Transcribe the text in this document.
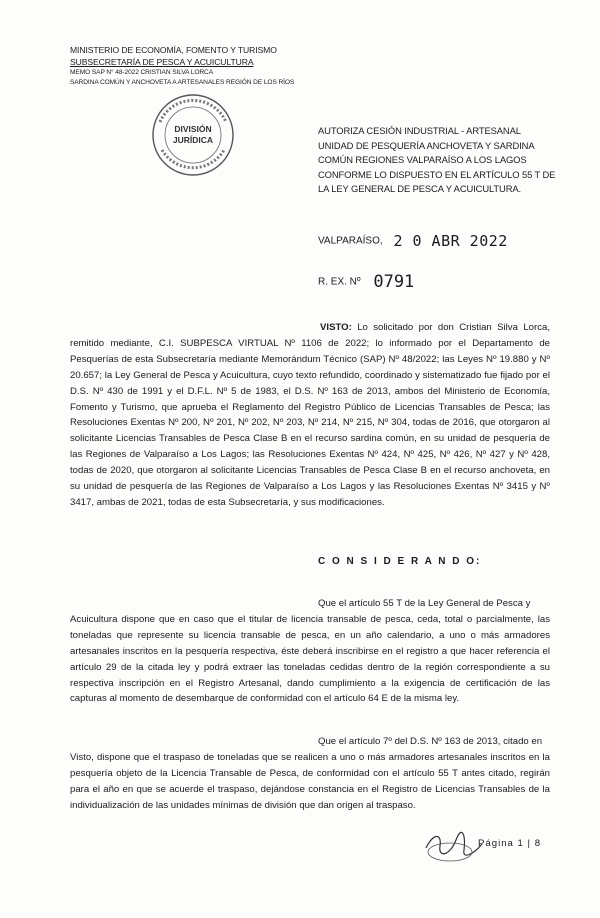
MINISTERIO DE ECONOMÍA, FOMENTO Y TURISMO
SUBSECRETARÍA DE PESCA Y ACUICULTURA
MEMO SAP N° 48-2022 CRISTIAN SILVA LORCA
SARDINA COMÚN Y ANCHOVETA A ARTESANALES REGIÓN DE LOS RÍOS
DIVISIÓN
JURÍDICA
AUTORIZA CESIÓN INDUSTRIAL - ARTESANAL UNIDAD DE PESQUERÍA ANCHOVETA Y SARDINA COMÚN REGIONES VALPARAÍSO A LOS LAGOS CONFORME LO DISPUESTO EN EL ARTÍCULO 55 T DE LA LEY GENERAL DE PESCA Y ACUICULTURA.
VALPARAÍSO, 2 0 ABR 2022
R. EX. Nº 0791
VISTO: Lo solicitado por don Cristian Silva Lorca, remitido mediante, C.I. SUBPESCA VIRTUAL Nº 1106 de 2022; lo informado por el Departamento de Pesquerías de esta Subsecretaría mediante Memorándum Técnico (SAP) Nº 48/2022; las Leyes Nº 19.880 y Nº 20.657; la Ley General de Pesca y Acuicultura, cuyo texto refundido, coordinado y sistematizado fue fijado por el D.S. Nº 430 de 1991 y el D.F.L. Nº 5 de 1983, el D.S. Nº 163 de 2013, ambos del Ministerio de Economía, Fomento y Turismo, que aprueba el Reglamento del Registro Público de Licencias Transables de Pesca; las Resoluciones Exentas Nº 200, Nº 201, Nº 202, Nº 203, Nº 214, Nº 215, Nº 304, todas de 2016, que otorgaron al solicitante Licencias Transables de Pesca Clase B en el recurso sardina común, en su unidad de pesquería de las Regiones de Valparaíso a Los Lagos; las Resoluciones Exentas Nº 424, Nº 425, Nº 426, Nº 427 y Nº 428, todas de 2020, que otorgaron al solicitante Licencias Transables de Pesca Clase B en el recurso anchoveta, en su unidad de pesquería de las Regiones de Valparaíso a Los Lagos y las Resoluciones Exentas Nº 3415 y Nº 3417, ambas de 2021, todas de esta Subsecretaría, y sus modificaciones.
C O N S I D E R A N D O:
Que el artículo 55 T de la Ley General de Pesca y
Acuicultura dispone que en caso que el titular de licencia transable de pesca, ceda, total o parcialmente, las toneladas que represente su licencia transable de pesca, en un año calendario, a uno o más armadores artesanales inscritos en la pesquería respectiva, éste deberá inscribirse en el registro a que hacer referencia el artículo 29 de la citada ley y podrá extraer las toneladas cedidas dentro de la región correspondiente a su respectiva inscripción en el Registro Artesanal, dando cumplimiento a la exigencia de certificación de las capturas al momento de desembarque de conformidad con el artículo 64 E de la misma ley.
Que el artículo 7º del D.S. Nº 163 de 2013, citado en
Visto, dispone que el traspaso de toneladas que se realicen a uno o más armadores artesanales inscritos en la pesquería objeto de la Licencia Transable de Pesca, de conformidad con el artículo 55 T antes citado, regirán para el año en que se acuerde el traspaso, dejándose constancia en el Registro de Licencias Transables de la individualización de las unidades mínimas de división que dan origen al traspaso.
Página 1 | 8
